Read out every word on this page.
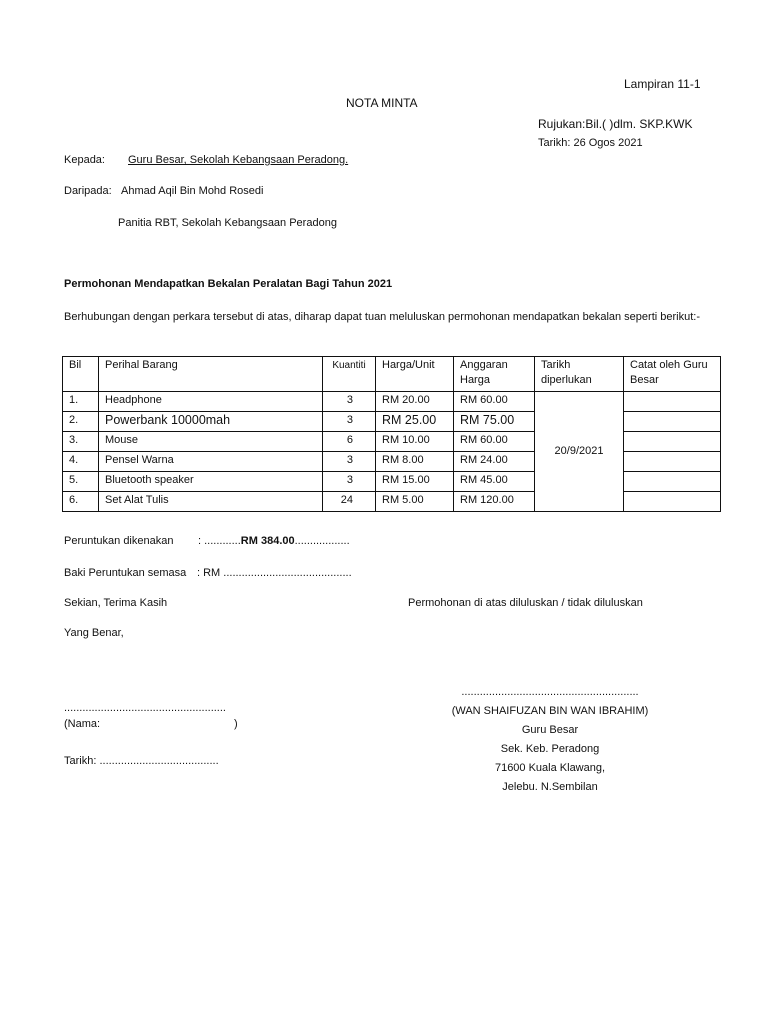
Lampiran 11-1
NOTA MINTA
Rujukan:Bil.( )dlm. SKP.KWK
Tarikh: 26 Ogos 2021
Kepada: Guru Besar, Sekolah Kebangsaan Peradong.
Daripada: Ahmad Aqil Bin Mohd Rosedi
Panitia RBT, Sekolah Kebangsaan Peradong
Permohonan Mendapatkan Bekalan Peralatan Bagi Tahun 2021
Berhubungan dengan perkara tersebut di atas, diharap dapat tuan meluluskan permohonan mendapatkan bekalan seperti berikut:-
Bil	Perihal Barang	Kuantiti	Harga/Unit	Anggaran Harga	Tarikh diperlukan	Catat oleh Guru Besar
1.	Headphone	3	RM 20.00	RM 60.00	20/9/2021	
2.	Powerbank 10000mah	3	RM 25.00	RM 75.00		
3.	Mouse	6	RM 10.00	RM 60.00		
4.	Pensel Warna	3	RM 8.00	RM 24.00		
5.	Bluetooth speaker	3	RM 15.00	RM 45.00		
6.	Set Alat Tulis	24	RM 5.00	RM 120.00		
Peruntukan dikenakan : ............RM 384.00..................
Baki Peruntukan semasa : RM ..........................................
Sekian, Terima Kasih	Permohonan di atas diluluskan / tidak diluluskan
Yang Benar,
.....................................................
(Nama:	)
Tarikh: .......................................
..........................................................
(WAN SHAIFUZAN BIN WAN IBRAHIM)
Guru Besar
Sek. Keb. Peradong
71600 Kuala Klawang,
Jelebu. N.Sembilan
